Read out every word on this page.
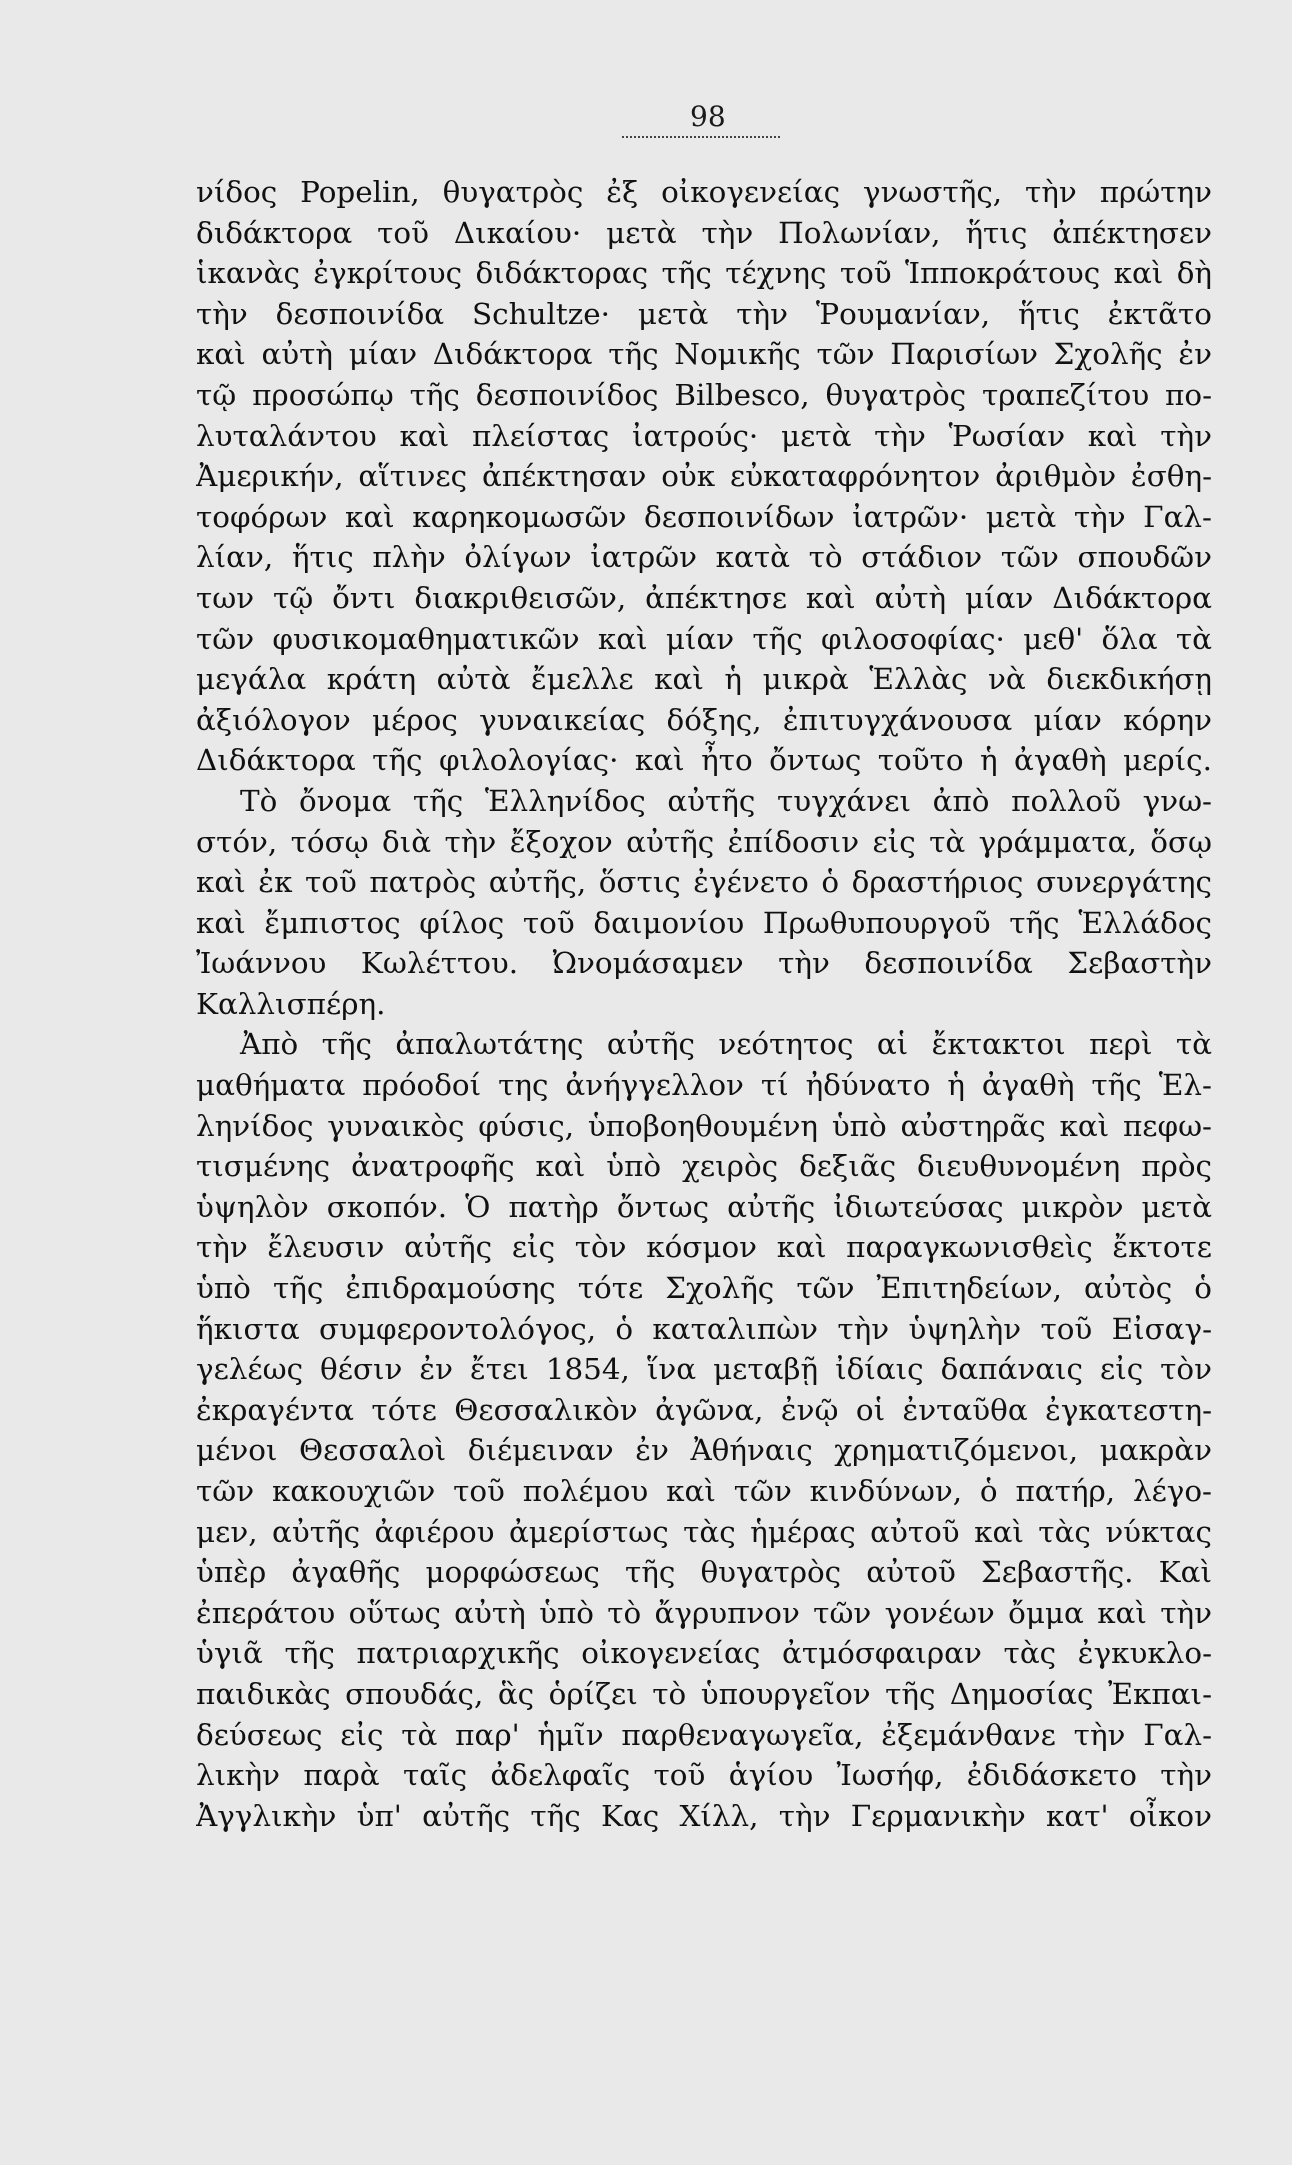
98
νίδος Popelin, θυγατρὸς ἐξ οἰκογενείας γνωστῆς, τὴν πρώτην
διδάκτορα τοῦ Δικαίου· μετὰ τὴν Πολωνίαν, ἥτις ἀπέκτησεν
ἱκανὰς ἐγκρίτους διδάκτορας τῆς τέχνης τοῦ Ἱπποκράτους καὶ δὴ
τὴν δεσποινίδα Schultze· μετὰ τὴν Ῥουμανίαν, ἥτις ἐκτᾶτο
καὶ αὐτὴ μίαν Διδάκτορα τῆς Νομικῆς τῶν Παρισίων Σχολῆς ἐν
τῷ προσώπῳ τῆς δεσποινίδος Bilbesco, θυγατρὸς τραπεζίτου πο-
λυταλάντου καὶ πλείστας ἰατρούς· μετὰ τὴν Ῥωσίαν καὶ τὴν
Ἀμερικήν, αἵτινες ἀπέκτησαν οὐκ εὐκαταφρόνητον ἀριθμὸν ἐσθη-
τοφόρων καὶ καρηκομωσῶν δεσποινίδων ἰατρῶν· μετὰ τὴν Γαλ-
λίαν, ἥτις πλὴν ὀλίγων ἰατρῶν κατὰ τὸ στάδιον τῶν σπουδῶν
των τῷ ὄντι διακριθεισῶν, ἀπέκτησε καὶ αὐτὴ μίαν Διδάκτορα
τῶν φυσικομαθηματικῶν καὶ μίαν τῆς φιλοσοφίας· μεθ' ὅλα τὰ
μεγάλα κράτη αὐτὰ ἔμελλε καὶ ἡ μικρὰ Ἑλλὰς νὰ διεκδικήσῃ
ἀξιόλογον μέρος γυναικείας δόξης, ἐπιτυγχάνουσα μίαν κόρην
Διδάκτορα τῆς φιλολογίας· καὶ ἦτο ὄντως τοῦτο ἡ ἀγαθὴ μερίς.
Τὸ ὄνομα τῆς Ἑλληνίδος αὐτῆς τυγχάνει ἀπὸ πολλοῦ γνω-
στόν, τόσῳ διὰ τὴν ἔξοχον αὐτῆς ἐπίδοσιν εἰς τὰ γράμματα, ὅσῳ
καὶ ἐκ τοῦ πατρὸς αὐτῆς, ὅστις ἐγένετο ὁ δραστήριος συνεργάτης
καὶ ἔμπιστος φίλος τοῦ δαιμονίου Πρωθυπουργοῦ τῆς Ἑλλάδος
Ἰωάννου Κωλέττου. Ὠνομάσαμεν τὴν δεσποινίδα Σεβαστὴν
Καλλισπέρη.
Ἀπὸ τῆς ἀπαλωτάτης αὐτῆς νεότητος αἱ ἔκτακτοι περὶ τὰ
μαθήματα πρόοδοί της ἀνήγγελλον τί ἠδύνατο ἡ ἀγαθὴ τῆς Ἑλ-
ληνίδος γυναικὸς φύσις, ὑποβοηθουμένη ὑπὸ αὐστηρᾶς καὶ πεφω-
τισμένης ἀνατροφῆς καὶ ὑπὸ χειρὸς δεξιᾶς διευθυνομένη πρὸς
ὑψηλὸν σκοπόν. Ὁ πατὴρ ὄντως αὐτῆς ἰδιωτεύσας μικρὸν μετὰ
τὴν ἔλευσιν αὐτῆς εἰς τὸν κόσμον καὶ παραγκωνισθεὶς ἔκτοτε
ὑπὸ τῆς ἐπιδραμούσης τότε Σχολῆς τῶν Ἐπιτηδείων, αὐτὸς ὁ
ἥκιστα συμφεροντολόγος, ὁ καταλιπὼν τὴν ὑψηλὴν τοῦ Εἰσαγ-
γελέως θέσιν ἐν ἔτει 1854, ἵνα μεταβῇ ἰδίαις δαπάναις εἰς τὸν
ἐκραγέντα τότε Θεσσαλικὸν ἀγῶνα, ἐνῷ οἱ ἐνταῦθα ἐγκατεστη-
μένοι Θεσσαλοὶ διέμειναν ἐν Ἀθήναις χρηματιζόμενοι, μακρὰν
τῶν κακουχιῶν τοῦ πολέμου καὶ τῶν κινδύνων, ὁ πατήρ, λέγο-
μεν, αὐτῆς ἀφιέρου ἀμερίστως τὰς ἡμέρας αὐτοῦ καὶ τὰς νύκτας
ὑπὲρ ἀγαθῆς μορφώσεως τῆς θυγατρὸς αὐτοῦ Σεβαστῆς. Καὶ
ἐπεράτου οὕτως αὐτὴ ὑπὸ τὸ ἄγρυπνον τῶν γονέων ὄμμα καὶ τὴν
ὑγιᾶ τῆς πατριαρχικῆς οἰκογενείας ἀτμόσφαιραν τὰς ἐγκυκλο-
παιδικὰς σπουδάς, ἃς ὁρίζει τὸ ὑπουργεῖον τῆς Δημοσίας Ἐκπαι-
δεύσεως εἰς τὰ παρ' ἡμῖν παρθεναγωγεῖα, ἐξεμάνθανε τὴν Γαλ-
λικὴν παρὰ ταῖς ἀδελφαῖς τοῦ ἁγίου Ἰωσήφ, ἐδιδάσκετο τὴν
Ἀγγλικὴν ὑπ' αὐτῆς τῆς Κας Χίλλ, τὴν Γερμανικὴν κατ' οἶκον
